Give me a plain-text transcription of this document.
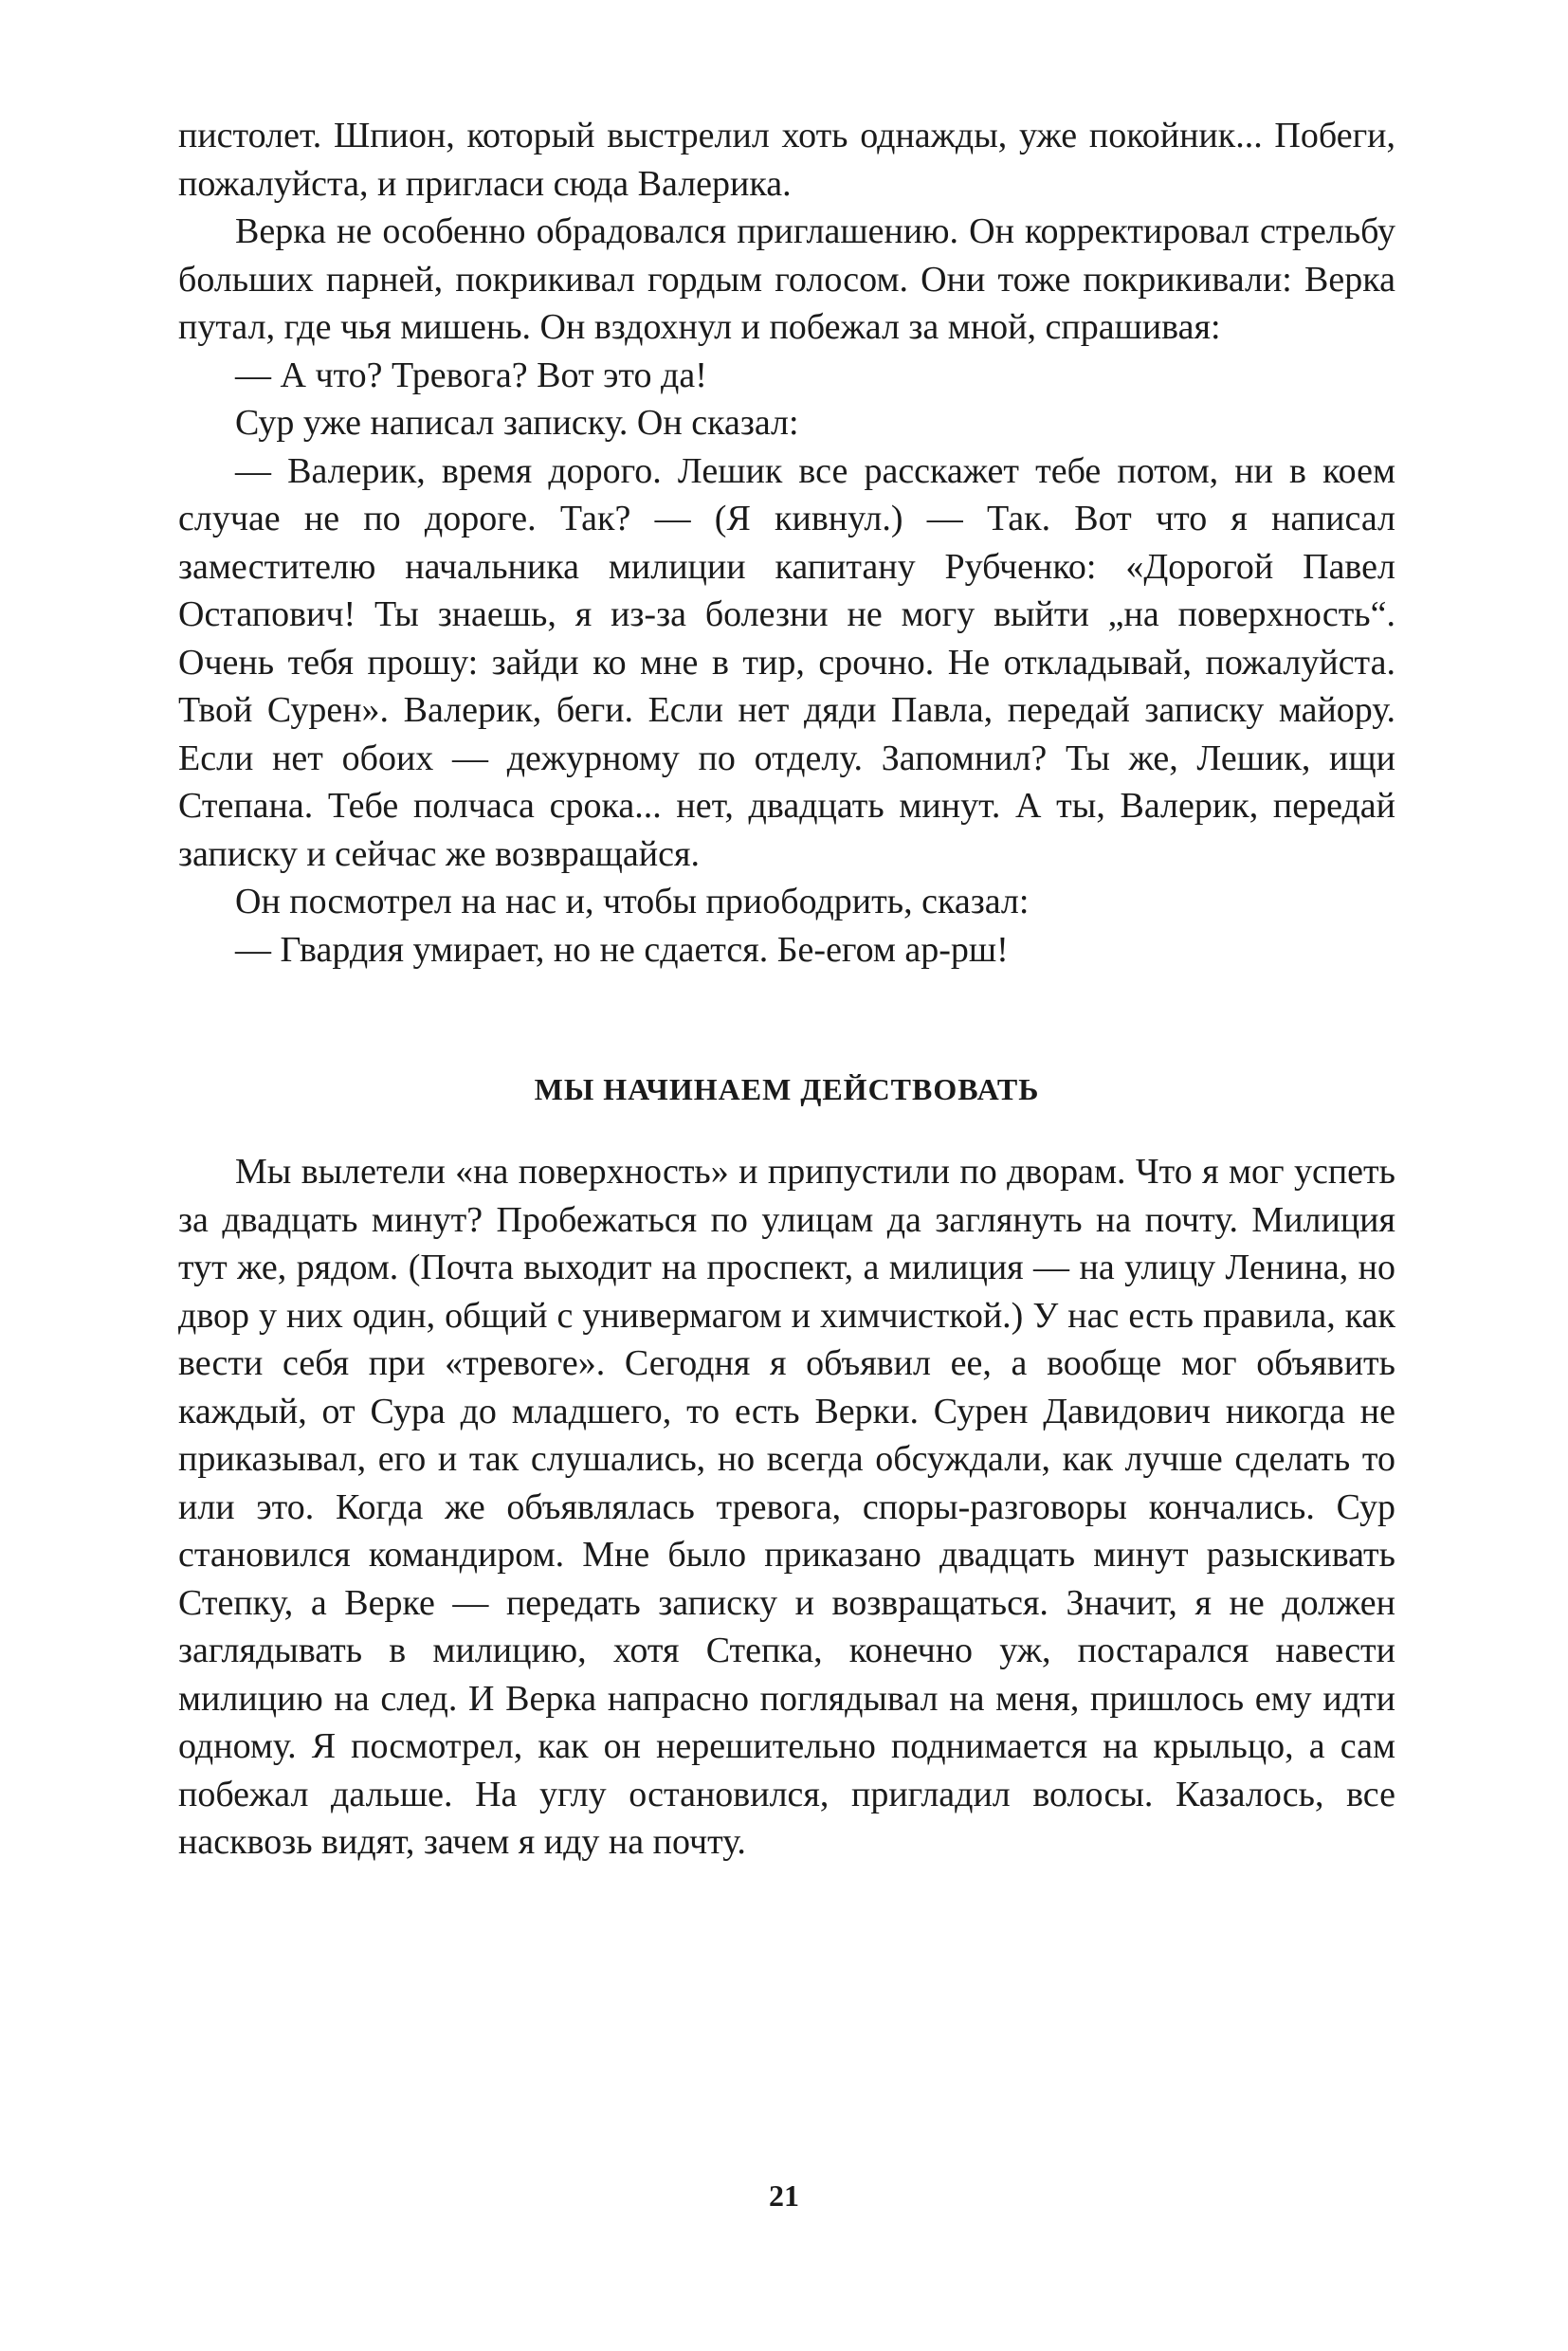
пистолет. Шпион, который выстрелил хоть однажды, уже покойник... Побеги, пожалуйста, и пригласи сюда Валерика.

Верка не особенно обрадовался приглашению. Он корректировал стрельбу больших парней, покрикивал гордым голосом. Они тоже покрикивали: Верка путал, где чья мишень. Он вздохнул и побежал за мной, спрашивая:

— А что? Тревога? Вот это да!

Сур уже написал записку. Он сказал:

— Валерик, время дорого. Лешик все расскажет тебе потом, ни в коем случае не по дороге. Так? — (Я кивнул.) — Так. Вот что я написал заместителю начальника милиции капитану Рубченко: «Дорогой Павел Остапович! Ты знаешь, я из-за болезни не могу выйти „на поверхность“. Очень тебя прошу: зайди ко мне в тир, срочно. Не откладывай, пожалуйста. Твой Сурен». Валерик, беги. Если нет дяди Павла, передай записку майору. Если нет обоих — дежурному по отделу. Запомнил? Ты же, Лешик, ищи Степана. Тебе полчаса срока... нет, двадцать минут. А ты, Валерик, передай записку и сейчас же возвращайся.

Он посмотрел на нас и, чтобы приободрить, сказал:

— Гвардия умирает, но не сдается. Бе-егом ар-рш!

МЫ НАЧИНАЕМ ДЕЙСТВОВАТЬ

Мы вылетели «на поверхность» и припустили по дворам. Что я мог успеть за двадцать минут? Пробежаться по улицам да заглянуть на почту. Милиция тут же, рядом. (Почта выходит на проспект, а милиция — на улицу Ленина, но двор у них один, общий с универмагом и химчисткой.) У нас есть правила, как вести себя при «тревоге». Сегодня я объявил ее, а вообще мог объявить каждый, от Сура до младшего, то есть Верки. Сурен Давидович никогда не приказывал, его и так слушались, но всегда обсуждали, как лучше сделать то или это. Когда же объявлялась тревога, споры-разговоры кончались. Сур становился командиром. Мне было приказано двадцать минут разыскивать Степку, а Верке — передать записку и возвращаться. Значит, я не должен заглядывать в милицию, хотя Степка, конечно уж, постарался навести милицию на след. И Верка напрасно поглядывал на меня, пришлось ему идти одному. Я посмотрел, как он нерешительно поднимается на крыльцо, а сам побежал дальше. На углу остановился, пригладил волосы. Казалось, все насквозь видят, зачем я иду на почту.

21
